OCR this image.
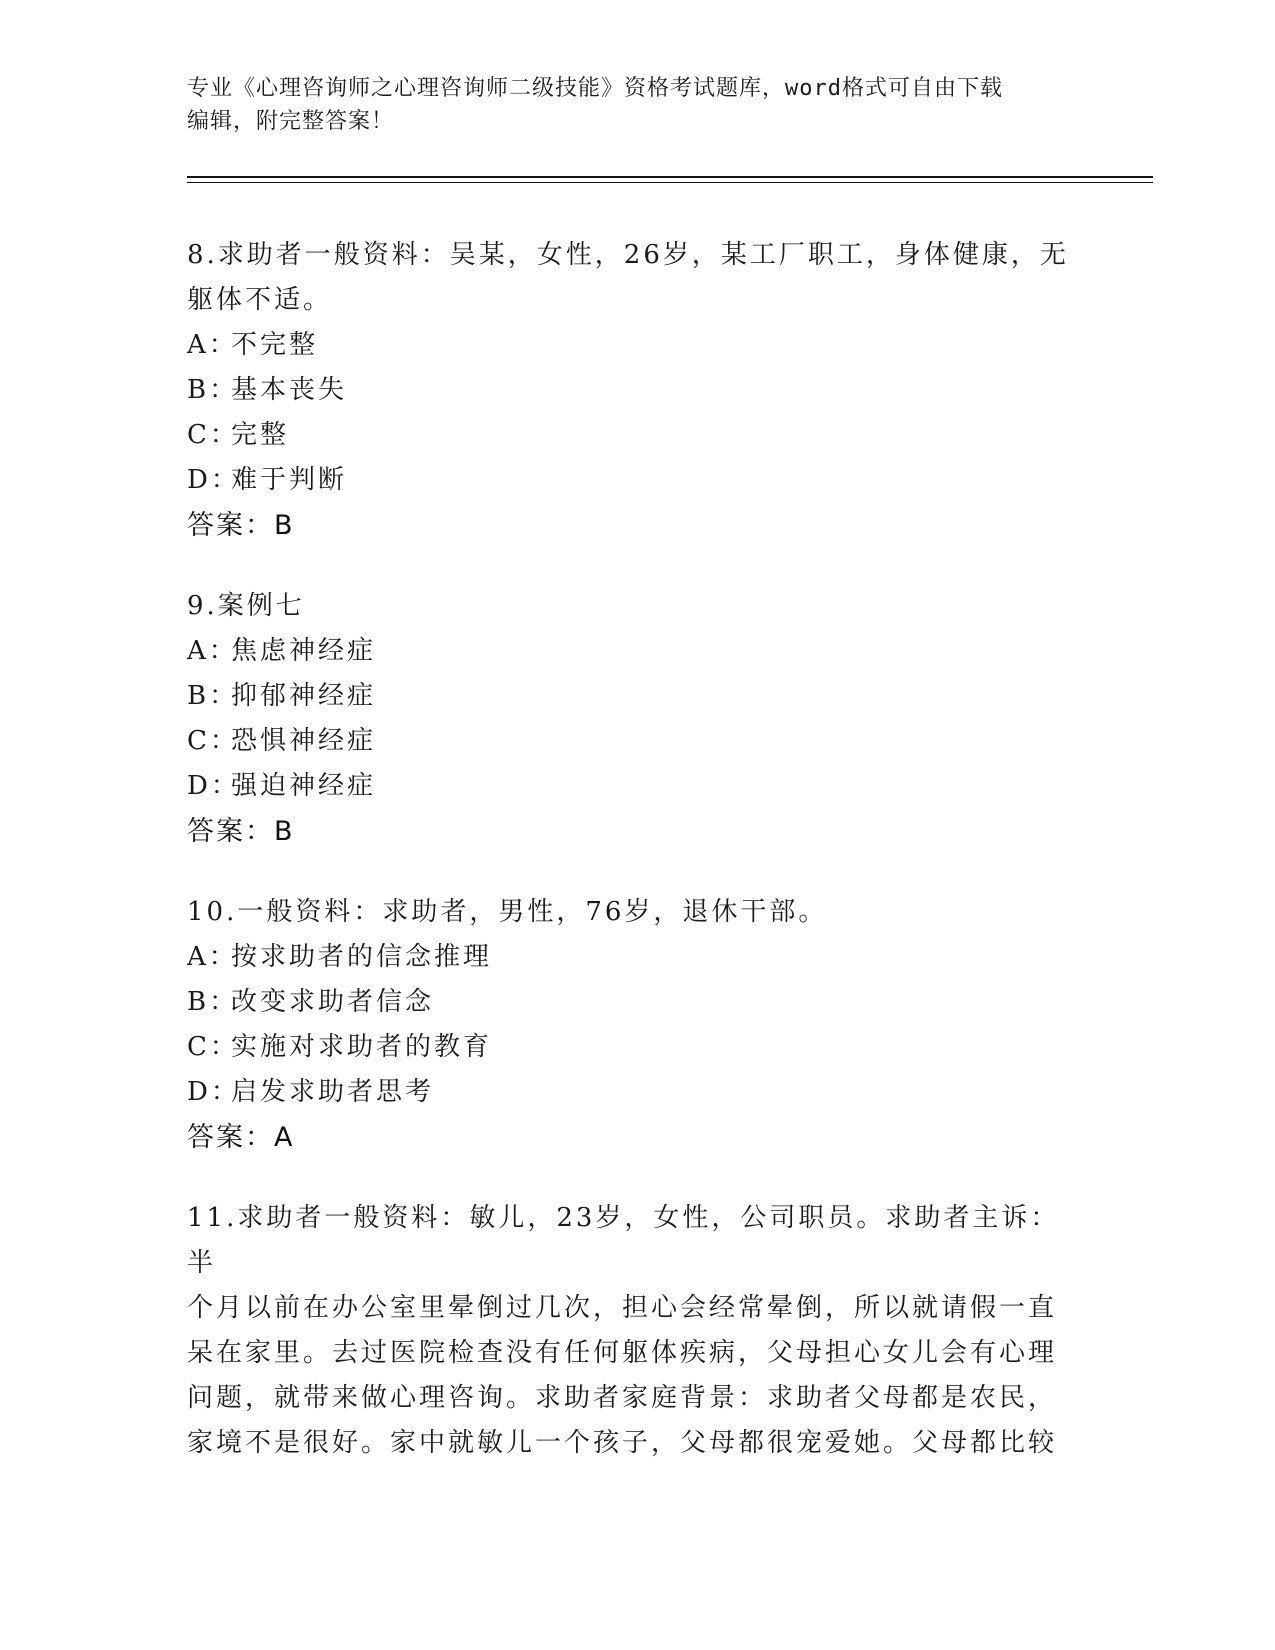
专业《心理咨询师之心理咨询师二级技能》资格考试题库，word格式可自由下载
编辑，附完整答案！
8.求助者一般资料：吴某，女性，26岁，某工厂职工，身体健康，无
躯体不适。
A：
不完整
B：
基本丧失
C：
完整
D：
难于判断
答案：B
9.案例七
A：
焦虑神经症
B：
抑郁神经症
C：
恐惧神经症
D：
强迫神经症
答案：B
10.一般资料：求助者，男性，76岁，退休干部。
A：
按求助者的信念推理
B：
改变求助者信念
C：
实施对求助者的教育
D：
启发求助者思考
答案：A
11.求助者一般资料：敏儿，23岁，女性，公司职员。求助者主诉：半
个月以前在办公室里晕倒过几次，担心会经常晕倒，所以就请假一直
呆在家里。去过医院检查没有任何躯体疾病，父母担心女儿会有心理
问题，就带来做心理咨询。求助者家庭背景：求助者父母都是农民，
家境不是很好。家中就敏儿一个孩子，父母都很宠爱她。父母都比较
